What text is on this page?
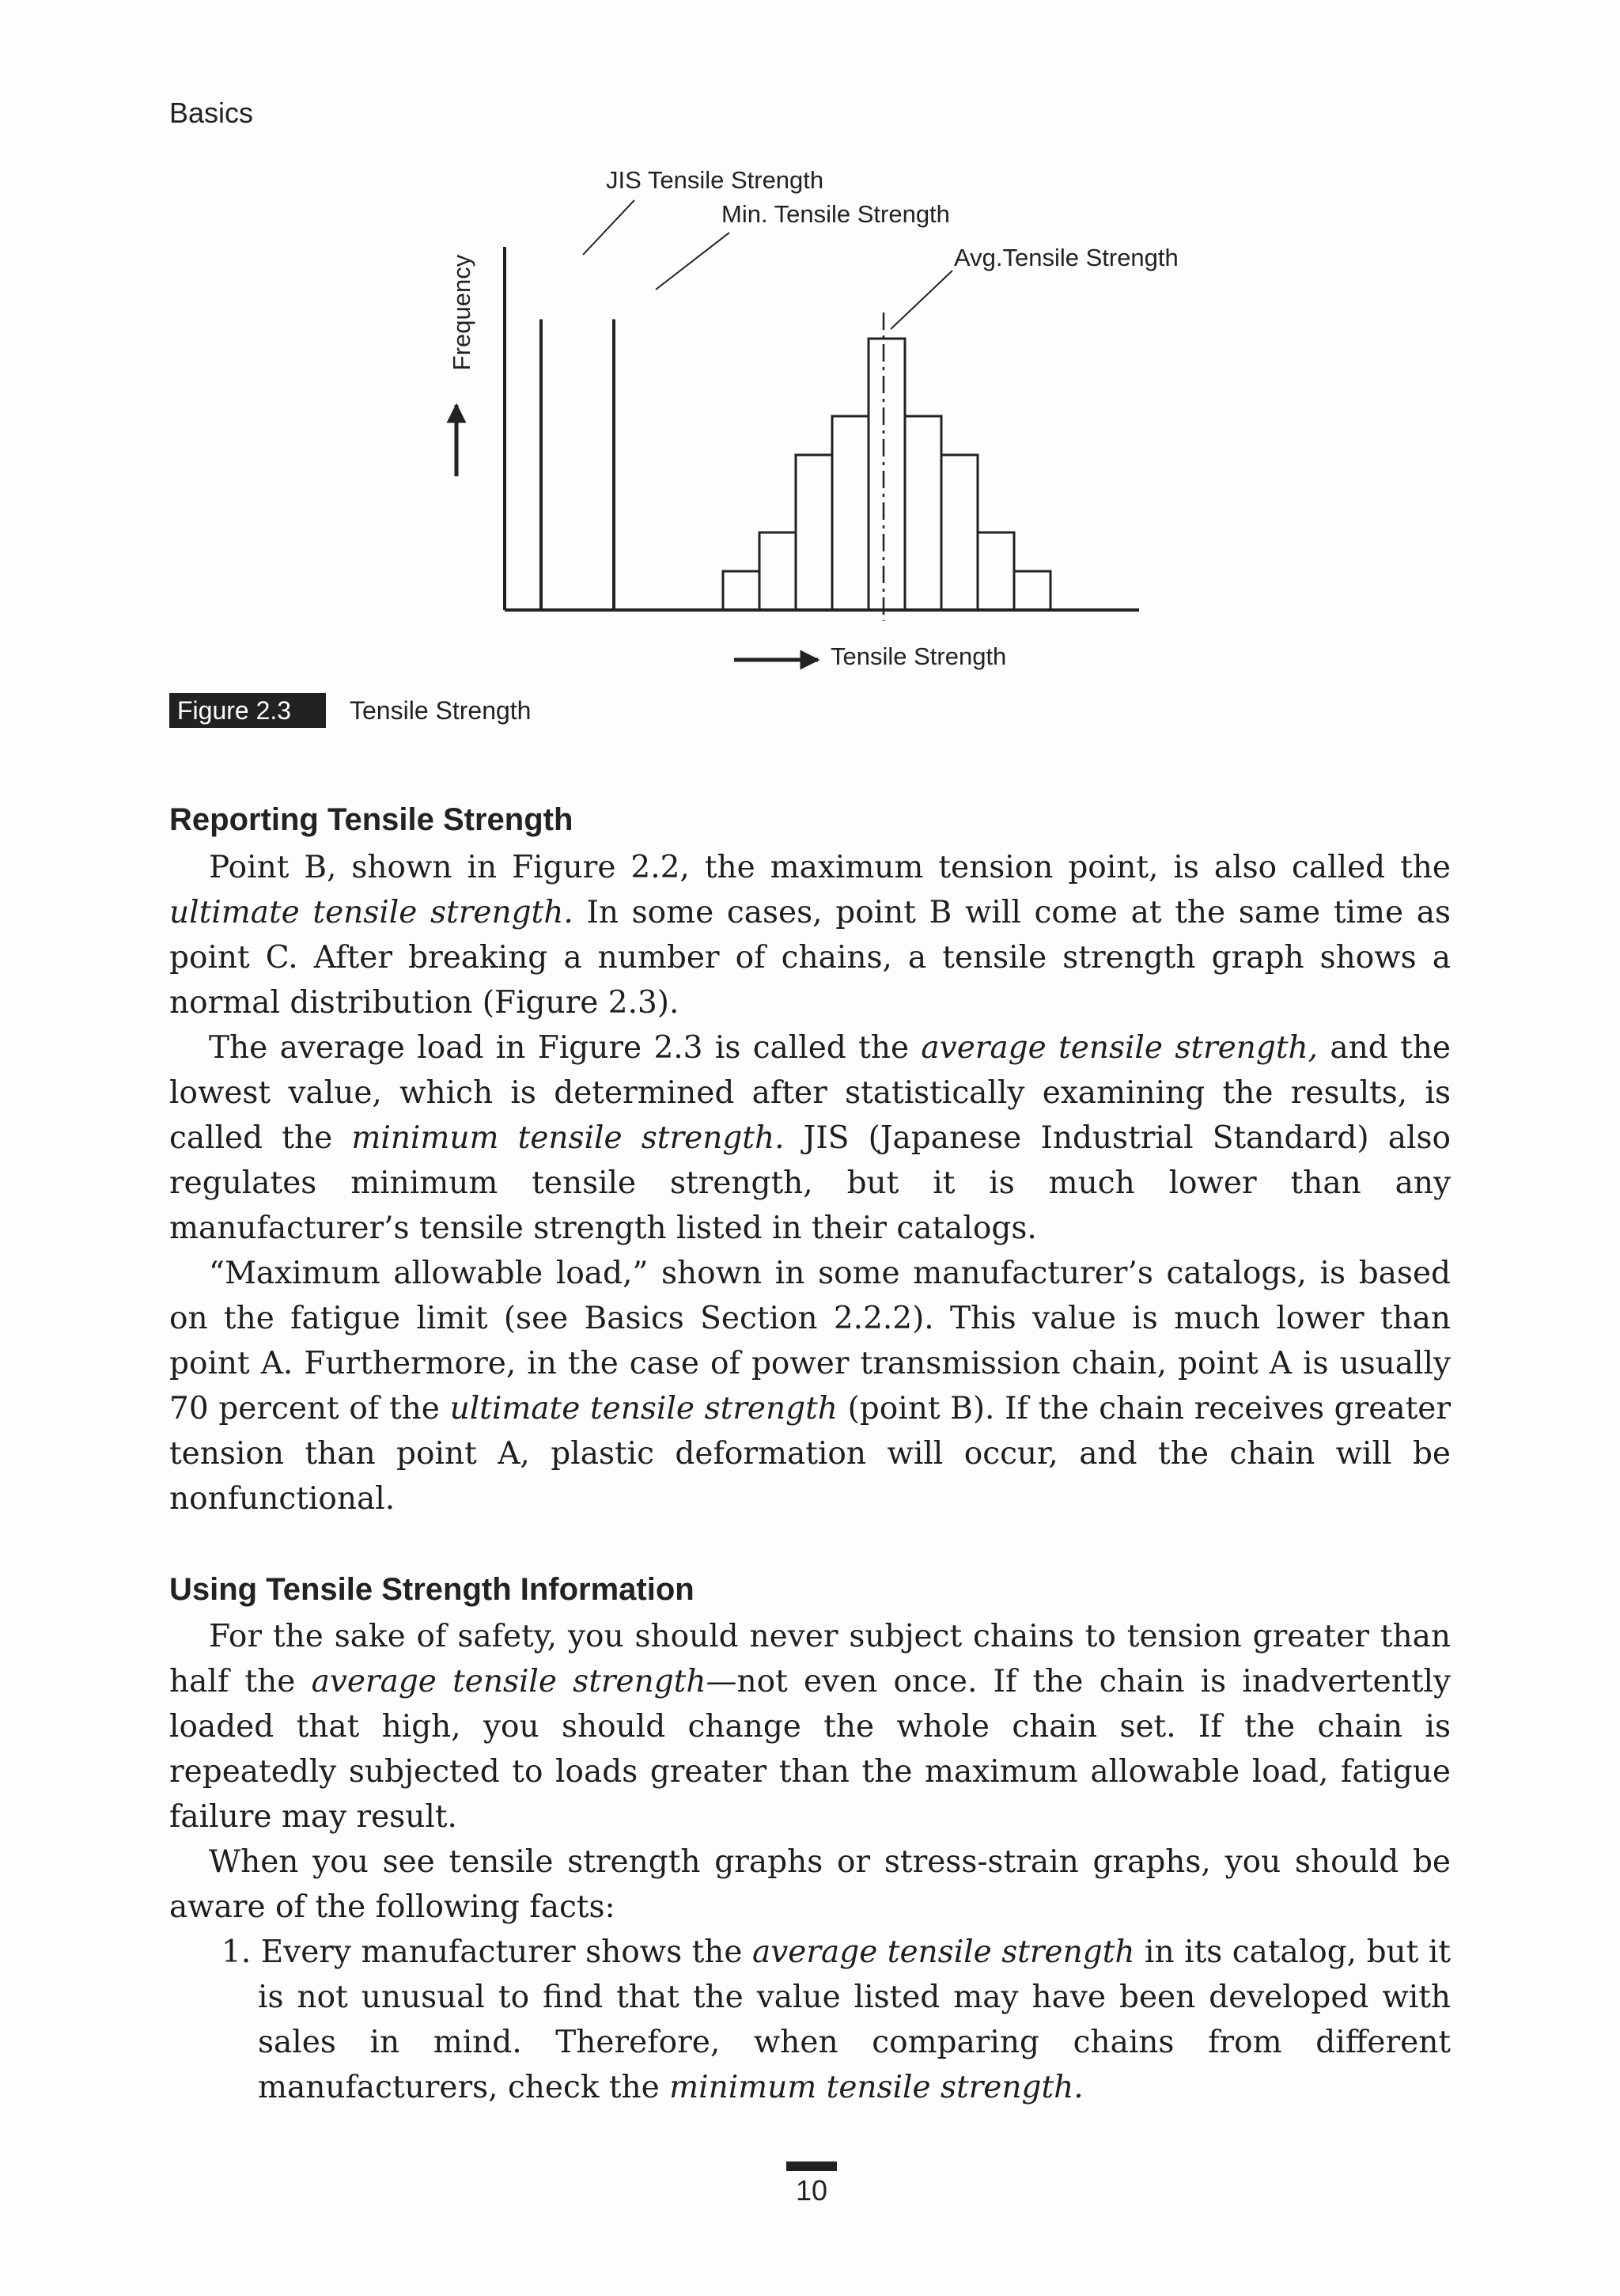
Basics
Frequency
Tensile Strength
JIS Tensile Strength
Min. Tensile Strength
Avg.Tensile Strength
Figure 2.3	Tensile Strength
Reporting Tensile Strength

Point B, shown in Figure 2.2, the maximum tension point, is also called the ultimate tensile strength. In some cases, point B will come at the same time as point C. After breaking a number of chains, a tensile strength graph shows a normal distribution (Figure 2.3).

The average load in Figure 2.3 is called the average tensile strength, and the lowest value, which is determined after statistically examining the results, is called the minimum tensile strength. JIS (Japanese Industrial Standard) also regulates minimum tensile strength, but it is much lower than any manufacturer’s tensile strength listed in their catalogs.

“Maximum allowable load,” shown in some manufacturer’s catalogs, is based on the fatigue limit (see Basics Section 2.2.2). This value is much lower than point A. Furthermore, in the case of power transmission chain, point A is usually 70 percent of the ultimate tensile strength (point B). If the chain receives greater tension than point A, plastic deformation will occur, and the chain will be nonfunctional.

Using Tensile Strength Information

For the sake of safety, you should never subject chains to tension greater than half the average tensile strength—not even once. If the chain is inadvertently loaded that high, you should change the whole chain set. If the chain is repeatedly subjected to loads greater than the maximum allowable load, fatigue failure may result.

When you see tensile strength graphs or stress-strain graphs, you should be aware of the following facts:

1. Every manufacturer shows the average tensile strength in its catalog, but it is not unusual to find that the value listed may have been developed with sales in mind. Therefore, when comparing chains from different manufacturers, check the minimum tensile strength.

10
